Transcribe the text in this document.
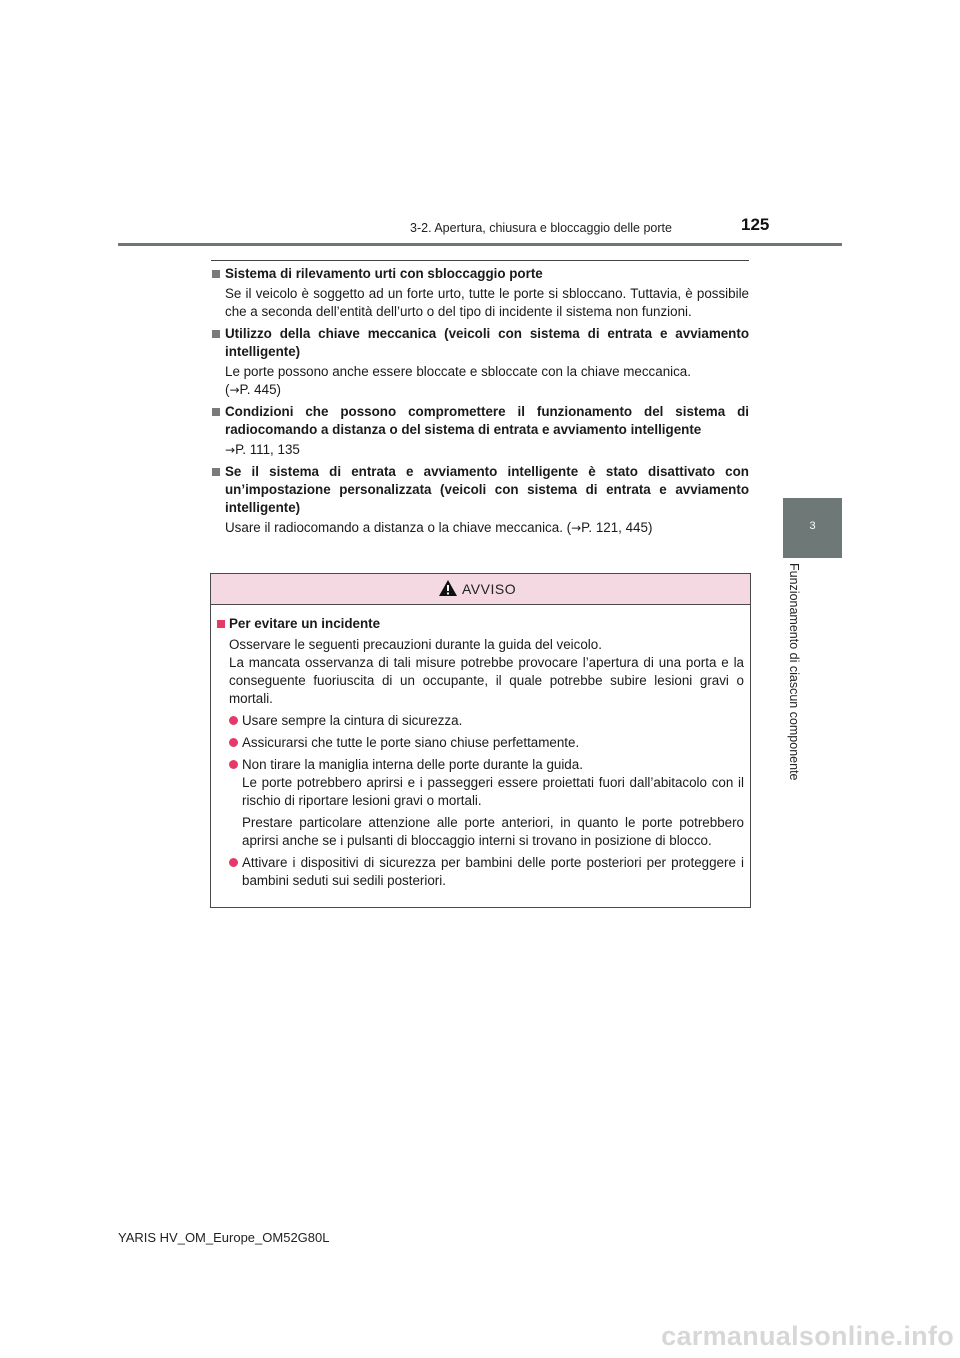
3-2. Apertura, chiusura e bloccaggio delle porte	125
3
Funzionamento di ciascun componente
Sistema di rilevamento urti con sbloccaggio porte

Se il veicolo è soggetto ad un forte urto, tutte le porte si sbloccano. Tuttavia, è possibile che a seconda dell’entità dell’urto o del tipo di incidente il sistema non funzioni.

Utilizzo della chiave meccanica (veicoli con sistema di entrata e avviamento intelligente)

Le porte possono anche essere bloccate e sbloccate con la chiave meccanica.

(→P. 445)

Condizioni che possono compromettere il funzionamento del sistema di radiocomando a distanza o del sistema di entrata e avviamento intelligente

→P. 111, 135

Se il sistema di entrata e avviamento intelligente è stato disattivato con un’impostazione personalizzata (veicoli con sistema di entrata e avviamento intelligente)

Usare il radiocomando a distanza o la chiave meccanica. (→P. 121, 445)

AVVISO
Per evitare un incidente
Osservare le seguenti precauzioni durante la guida del veicolo.
La mancata osservanza di tali misure potrebbe provocare l’apertura di una porta e la conseguente fuoriuscita di un occupante, il quale potrebbe subire lesioni gravi o mortali.
Usare sempre la cintura di sicurezza.
Assicurarsi che tutte le porte siano chiuse perfettamente.
Non tirare la maniglia interna delle porte durante la guida.
Le porte potrebbero aprirsi e i passeggeri essere proiettati fuori dall’abitacolo con il rischio di riportare lesioni gravi o mortali.
Prestare particolare attenzione alle porte anteriori, in quanto le porte potrebbero aprirsi anche se i pulsanti di bloccaggio interni si trovano in posizione di blocco.
Attivare i dispositivi di sicurezza per bambini delle porte posteriori per proteggere i bambini seduti sui sedili posteriori.
YARIS HV_OM_Europe_OM52G80L
carmanualsonline.info
